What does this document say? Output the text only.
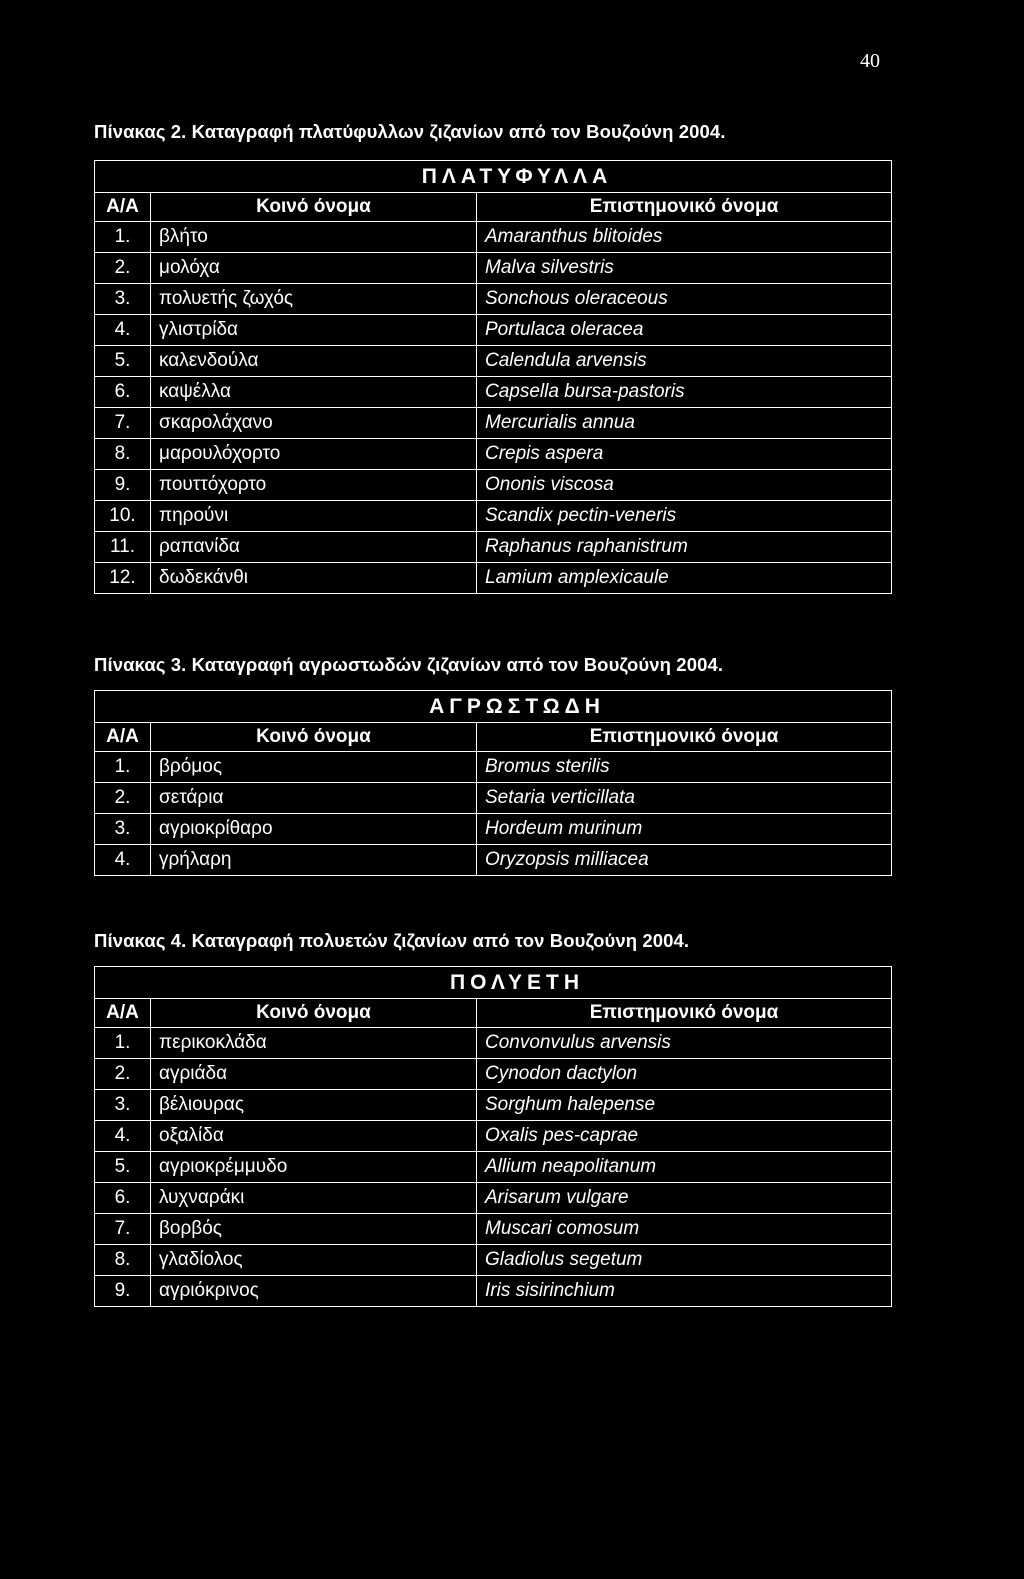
40
Πίνακας 2. Καταγραφή πλατύφυλλων ζιζανίων από τον Βουζούνη 2004.
ΠΛΑΤΥΦΥΛΛΑ		
Α/Α	Κοινό όνομα	Επιστημονικό όνομα
1.	βλήτο	Amaranthus blitoides
2.	μολόχα	Malva silvestris
3.	πολυετής ζωχός	Sonchous oleraceous
4.	γλιστρίδα	Portulaca oleracea
5.	καλενδούλα	Calendula arvensis
6.	καψέλλα	Capsella bursa-pastoris
7.	σκαρολάχανο	Mercurialis annua
8.	μαρουλόχορτο	Crepis aspera
9.	πουττόχορτο	Ononis viscosa
10.	πηρούνι	Scandix pectin-veneris
11.	ραπανίδα	Raphanus raphanistrum
12.	δωδεκάνθι	Lamium amplexicaule
Πίνακας 3. Καταγραφή αγρωστωδών ζιζανίων από τον Βουζούνη 2004.
ΑΓΡΩΣΤΩΔΗ		
Α/Α	Κοινό όνομα	Επιστημονικό όνομα
1.	βρόμος	Bromus sterilis
2.	σετάρια	Setaria verticillata
3.	αγριοκρίθαρο	Hordeum murinum
4.	γρήλαρη	Oryzopsis milliacea
Πίνακας 4. Καταγραφή πολυετών ζιζανίων από τον Βουζούνη 2004.
ΠΟΛΥΕΤΗ		
Α/Α	Κοινό όνομα	Επιστημονικό όνομα
1.	περικοκλάδα	Convonvulus arvensis
2.	αγριάδα	Cynodon dactylon
3.	βέλιουρας	Sorghum halepense
4.	οξαλίδα	Oxalis pes-caprae
5.	αγριοκρέμμυδο	Allium neapolitanum
6.	λυχναράκι	Arisarum vulgare
7.	βορβός	Muscari comosum
8.	γλαδίολος	Gladiolus segetum
9.	αγριόκρινος	Iris sisirinchium
